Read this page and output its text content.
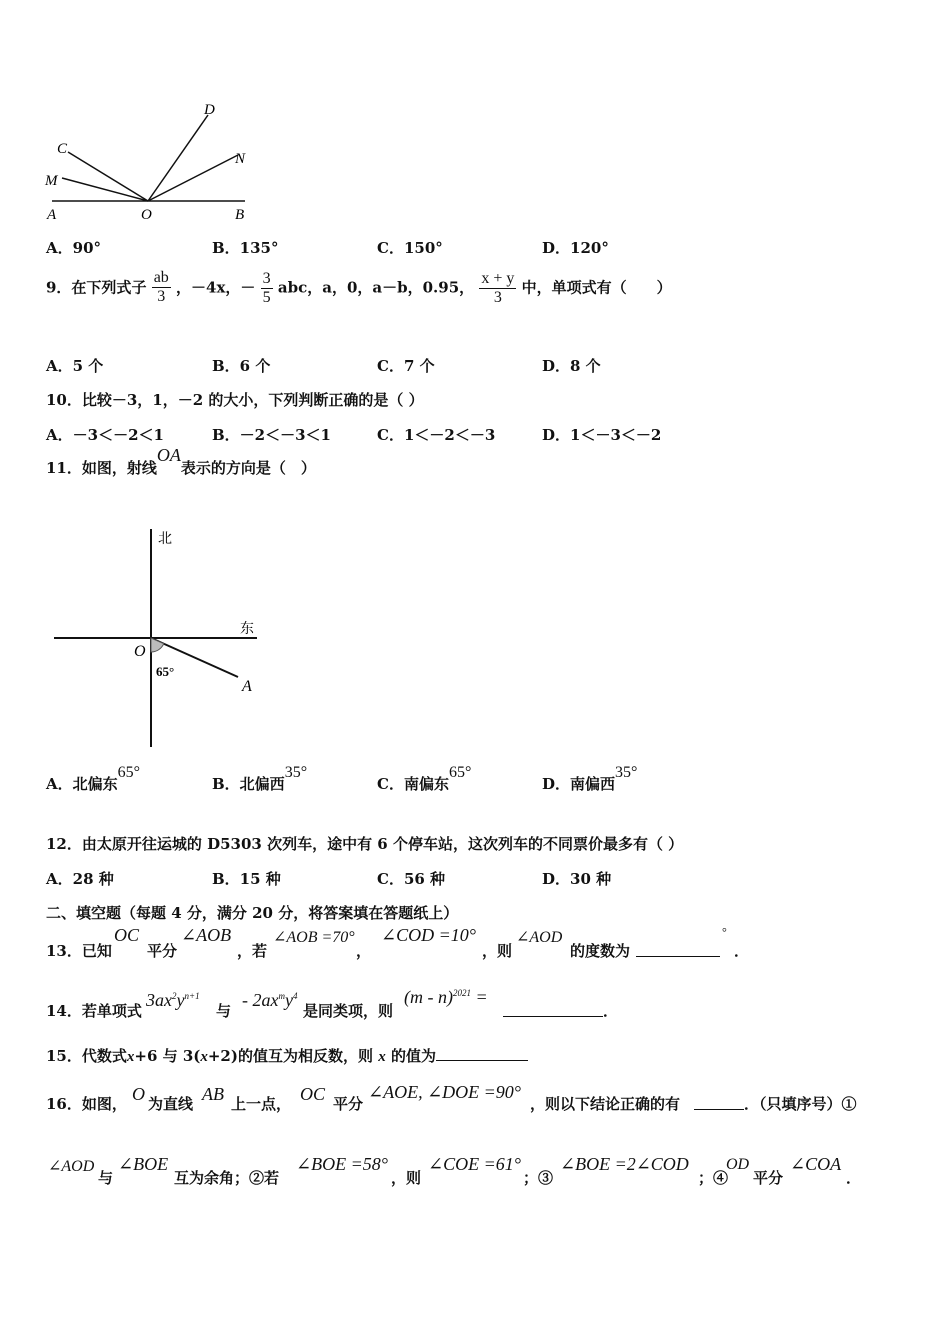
C
M
A	O
D
N
B
A．90°	B．135°	C．150°	D．120°
9．在下列式子 $\frac{ab}{3}$ ，－4x，－ $\frac{3}{5}$ abc，a，0，a－b，0.95， $\frac{x + y}{3}$ 中，单项式有（　　）
A．5 个	B．6 个	C．7 个	D．8 个
10．比较－3，1，－2 的大小，下列判断正确的是（ ）
A．－3＜－2＜1	B．－2＜－3＜1	C．1＜－2＜－3	D．1＜－3＜－2
11．如图，射线OA表示的方向是（　）
北
东
O
65°
A
A．北偏东65°
B．北偏西35°
C．南偏东65°
D．南偏西35°
12．由太原开往运城的 D5303 次列车，途中有 6 个停车站，这次列车的不同票价最多有（ ）
A．28 种	B．15 种	C．56 种	D．30 种
二、填空题（每题 4 分，满分 20 分，将答案填在答题纸上）
13．已知
OC
平分
∠AOB
，若
∠AOB =70°
，
∠COD =10°
，则
∠AOD
的度数为
°
．
14．若单项式
$3ax^2y^{n+1}$
与
- $2ax^my^4$
是同类项，则
(m - n)$^{2021}$ =
．
15．代数式x+6 与 3(x+2)的值互为相反数，则 x 的值为
16．如图， O 为直线 AB 上一点， OC 平分
∠AOE, ∠DOE =90°
，则以下结论正确的有	．（只填序号）①
∠AOD
与
∠BOE
互为余角；②若
∠BOE =58°
，则
∠COE =61°
；③
∠BOE =2∠COD
；④
OD
平分
∠COA
．
